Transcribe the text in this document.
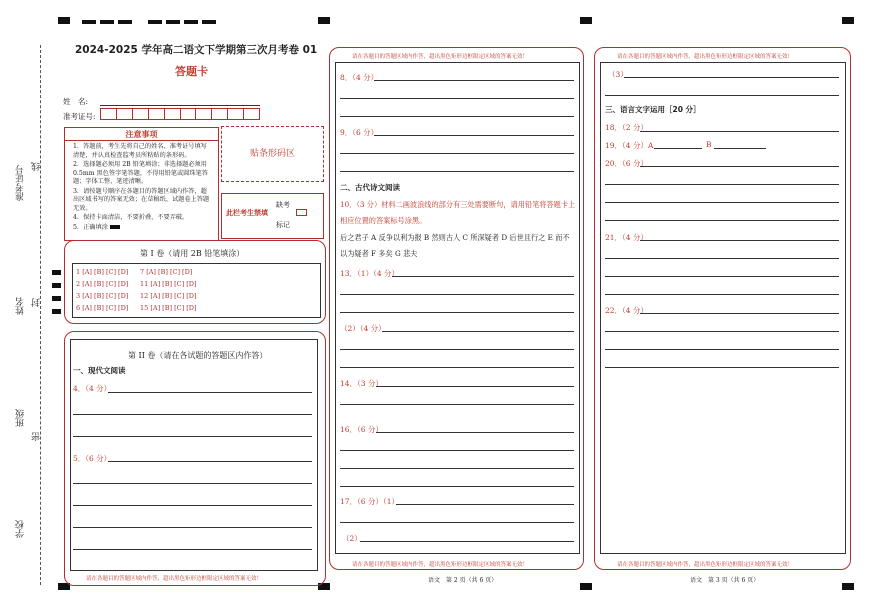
准考证号 线
姓名 封
班级
密
学校
2024-2025 学年高二语文下学期第三次月考卷 01
答题卡
姓　名:
准考证号:
注意事项
1．答题前，考生先将自己的姓名、准考证号填写清楚，并认真检查监考员所粘贴的条形码。
2．选择题必须用 2B 铅笔填涂；非选择题必须用 0.5mm 黑色签字笔答题，不得用铅笔或圆珠笔答题；字体工整、笔迹清晰。
3．请按题号顺序在各题目的答题区域内作答，超出区域书写的答案无效；在草稿纸、试题卷上答题无效。
4．保持卡面清洁，不要折叠、不要弄破。
5．正确填涂
贴条形码区
此栏考生禁填
缺考
标记
第 I 卷（请用 2B 铅笔填涂）
1 [A] [B] [C] [D]
2 [A] [B] [C] [D]
3 [A] [B] [C] [D]
6 [A] [B] [C] [D]
7 [A] [B] [C] [D]
11 [A] [B] [C] [D]
12 [A] [B] [C] [D]
15 [A] [B] [C] [D]
第 II 卷（请在各试题的答题区内作答）
一、现代文阅读
4．（4 分）
5．（6 分）
请在各题目的答题区域内作答，超出黑色矩形边框限定区域的答案无效！
请在各题目的答题区域内作答，超出黑色矩形边框限定区域的答案无效！
8．（4 分）
9．（6 分）
二、古代诗文阅读
10．（3 分）材料二画波浪线的部分有三处需要断句，请用铅笔将答题卡上相应位置的答案标号涂黑。
后之君子 A 反争以利为报 B 然则古人 C 所深疑者 D 后世且行之 E 而不以为疑者 F 多矣 G 悲夫
13．（1）（4 分）
（2）（4 分）
14．（3 分）
16．（6 分）
17．（6 分）（1）
（2）
请在各题目的答题区域内作答，超出黑色矩形边框限定区域的答案无效！
语文　第 2 页（共 6 页）
请在各题目的答题区域内作答，超出黑色矩形边框限定区域的答案无效！
（3）
三、语言文字运用［20 分］
18．（2 分）
19．（4 分）A	B
20．（6 分）
21．（4 分）
22．（4 分）
请在各题目的答题区域内作答，超出黑色矩形边框限定区域的答案无效！
语文　第 3 页（共 6 页）
